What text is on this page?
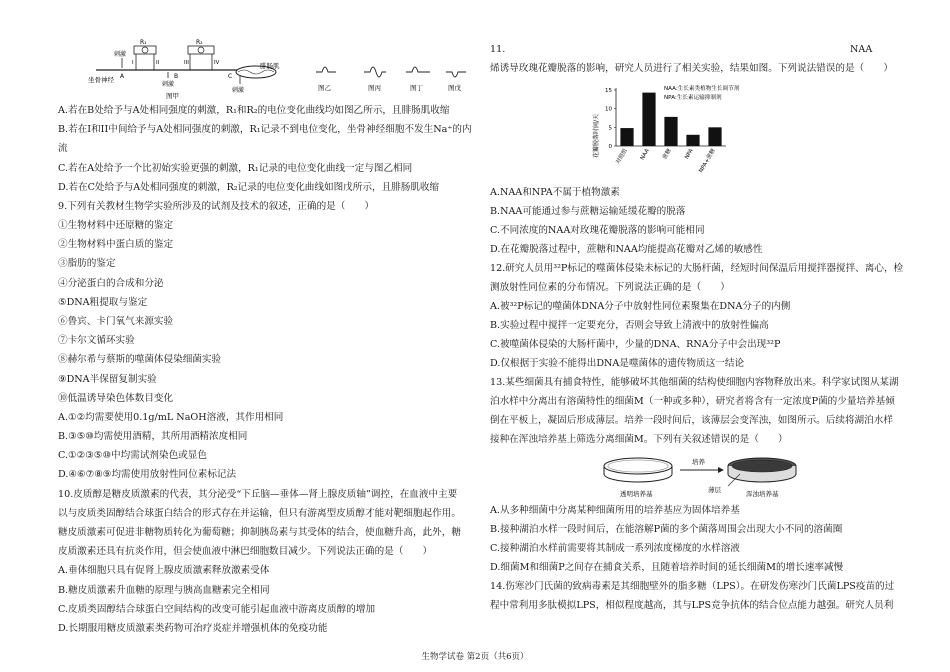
刺激
刺激
刺激
R₁	R₂
I	II	III	IV
A	B	C
坐骨神经
腓肠肌
图甲
图乙	图丙	图丁	图戊
A.若在B处给予与A处相同强度的刺激，R₁和R₂的电位变化曲线均如图乙所示，且腓肠肌收缩
B.若在I和II中间给予与A处相同强度的刺激，R₁记录不到电位变化，坐骨神经细胞不发生Na⁺的内
流
C.若在A处给予一个比初始实验更强的刺激，R₁记录的电位变化曲线一定与图乙相同
D.若在C处给予与A处相同强度的刺激，R₂记录的电位变化曲线如图戊所示，且腓肠肌收缩
9.下列有关教材生物学实验所涉及的试剂及技术的叙述，正确的是（　　）
①生物材料中还原糖的鉴定
②生物材料中蛋白质的鉴定
③脂肪的鉴定
④分泌蛋白的合成和分泌
⑤DNA粗提取与鉴定
⑥鲁宾、卡门氧气来源实验
⑦卡尔文循环实验
⑧赫尔希与蔡斯的噬菌体侵染细菌实验
⑨DNA半保留复制实验
⑩低温诱导染色体数目变化
A.①②均需要使用0.1g/mL NaOH溶液，其作用相同
B.③⑤⑩均需使用酒精，其所用酒精浓度相同
C.①②③⑤⑩中均需试剂染色或显色
D.④⑥⑦⑧⑨均需使用放射性同位素标记法
10.皮质醇是糖皮质激素的代表，其分泌受“下丘脑—垂体—肾上腺皮质轴”调控，在血液中主要
以与皮质类固醇结合球蛋白结合的形式存在并运输，但只有游离型皮质醇才能对靶细胞起作用。
糖皮质激素可促进非糖物质转化为葡萄糖；抑制胰岛素与其受体的结合，使血糖升高，此外，糖
皮质激素还具有抗炎作用，但会使血液中淋巴细胞数目减少。下列说法正确的是（　　）
A.垂体细胞只具有促肾上腺皮质激素释放激素受体
B.糖皮质激素升血糖的原理与胰高血糖素完全相同
C.皮质类固醇结合球蛋白空间结构的改变可能引起血液中游离皮质醇的增加
D.长期服用糖皮质激素类药物可治疗炎症并增强机体的免疫功能
11.	NAA
烯诱导玫瑰花瓣脱落的影响，研究人员进行了相关实验，结果如图。下列说法错误的是（　　）
花瓣脱落时间/天
NAA:生长素类植物生长调节剂
NPA:生长素运输抑制剂
0
5
10
15
对照组 NAA	蔗糖 NPA NPA+蔗糖
A.NAA和NPA不属于植物激素
B.NAA可能通过参与蔗糖运输延缓花瓣的脱落
C.不同浓度的NAA对玫瑰花瓣脱落的影响可能相同
D.在花瓣脱落过程中，蔗糖和NAA均能提高花瓣对乙烯的敏感性
12.研究人员用³²P标记的噬菌体侵染未标记的大肠杆菌，经短时间保温后用搅拌器搅拌、离心，检
测放射性同位素的分布情况。下列说法正确的是（　　）
A.被³²P标记的噬菌体DNA分子中放射性同位素聚集在DNA分子的内侧
B.实验过程中搅拌一定要充分，否则会导致上清液中的放射性偏高
C.被噬菌体侵染的大肠杆菌中，少量的DNA、RNA分子中会出现³²P
D.仅根据于实验不能得出DNA是噬菌体的遗传物质这一结论
13.某些细菌具有捕食特性，能够破坏其他细菌的结构使细胞内容物释放出来。科学家试图从某湖
泊水样中分离出有溶菌特性的细菌M（一种或多种），研究者将含有一定浓度P菌的少量培养基倾
倒在平板上，凝固后形成薄层。培养一段时间后，该薄层会变浑浊，如图所示。后续将湖泊水样
接种在浑浊培养基上筛选分离细菌M。下列有关叙述错误的是（　　）
透明培养基
培养
薄层	浑浊培养基
A.从多种细菌中分离某种细菌所用的培养基应为固体培养基
B.接种湖泊水样一段时间后，在能溶解P菌的多个菌落周围会出现大小不同的溶菌圈
C.接种湖泊水样前需要将其制成一系列浓度梯度的水样溶液
D.细菌M和细菌P之间存在捕食关系，且随着培养时间的延长细菌M的增长速率减慢
14.伤寒沙门氏菌的致病毒素是其细胞壁外的脂多糖（LPS）。在研发伤寒沙门氏菌LPS疫苗的过
程中常利用多肽模拟LPS，相似程度越高，其与LPS竞争抗体的结合位点能力越强。研究人员利
生物学试卷 第2页（共6页）
